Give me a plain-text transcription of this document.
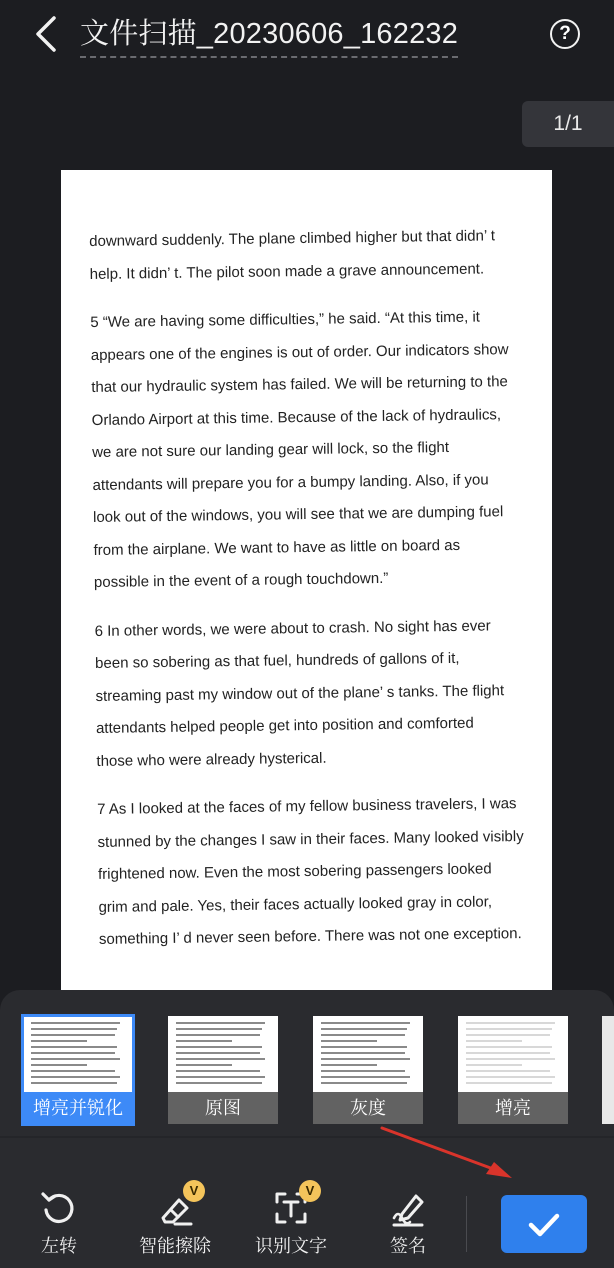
文件扫描_20230606_162232	?
1/1
downward suddenly. The plane climbed higher but that didn’ t
help. It didn’ t. The pilot soon made a grave announcement.
5 “We are having some difficulties,” he said. “At this time, it
appears one of the engines is out of order. Our indicators show
that our hydraulic system has failed. We will be returning to the
Orlando Airport at this time. Because of the lack of hydraulics,
we are not sure our landing gear will lock, so the flight
attendants will prepare you for a bumpy landing. Also, if you
look out of the windows, you will see that we are dumping fuel
from the airplane. We want to have as little on board as
possible in the event of a rough touchdown.”
6 In other words, we were about to crash. No sight has ever
been so sobering as that fuel, hundreds of gallons of it,
streaming past my window out of the plane’ s tanks. The flight
attendants helped people get into position and comforted
those who were already hysterical.
7 As I looked at the faces of my fellow business travelers, I was
stunned by the changes I saw in their faces. Many looked visibly
frightened now. Even the most sobering passengers looked
grim and pale. Yes, their faces actually looked gray in color,
something I’ d never seen before. There was not one exception.
增亮并锐化	原图	灰度	增亮
左转
V
智能擦除
V
识别文字	签名
